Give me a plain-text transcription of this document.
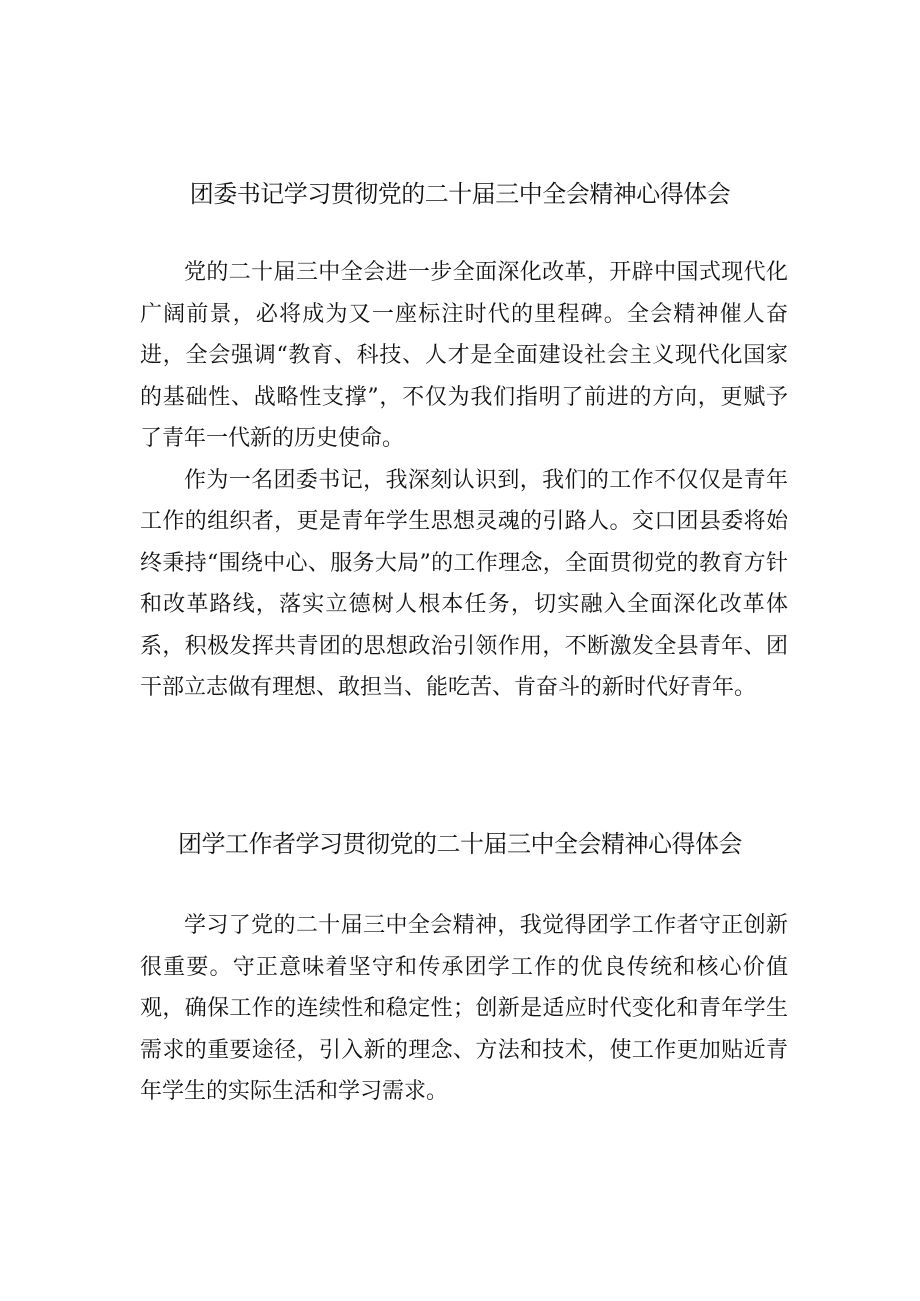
团委书记学习贯彻党的二十届三中全会精神心得体会

党的二十届三中全会进一步全面深化改革，开辟中国式现代化广阔前景，必将成为又一座标注时代的里程碑。全会精神催人奋进，全会强调“教育、科技、人才是全面建设社会主义现代化国家的基础性、战略性支撑”，不仅为我们指明了前进的方向，更赋予了青年一代新的历史使命。

作为一名团委书记，我深刻认识到，我们的工作不仅仅是青年工作的组织者，更是青年学生思想灵魂的引路人。交口团县委将始终秉持“围绕中心、服务大局”的工作理念，全面贯彻党的教育方针和改革路线，落实立德树人根本任务，切实融入全面深化改革体系，积极发挥共青团的思想政治引领作用，不断激发全县青年、团干部立志做有理想、敢担当、能吃苦、肯奋斗的新时代好青年。

团学工作者学习贯彻党的二十届三中全会精神心得体会

学习了党的二十届三中全会精神，我觉得团学工作者守正创新很重要。守正意味着坚守和传承团学工作的优良传统和核心价值观，确保工作的连续性和稳定性；创新是适应时代变化和青年学生需求的重要途径，引入新的理念、方法和技术，使工作更加贴近青年学生的实际生活和学习需求。
